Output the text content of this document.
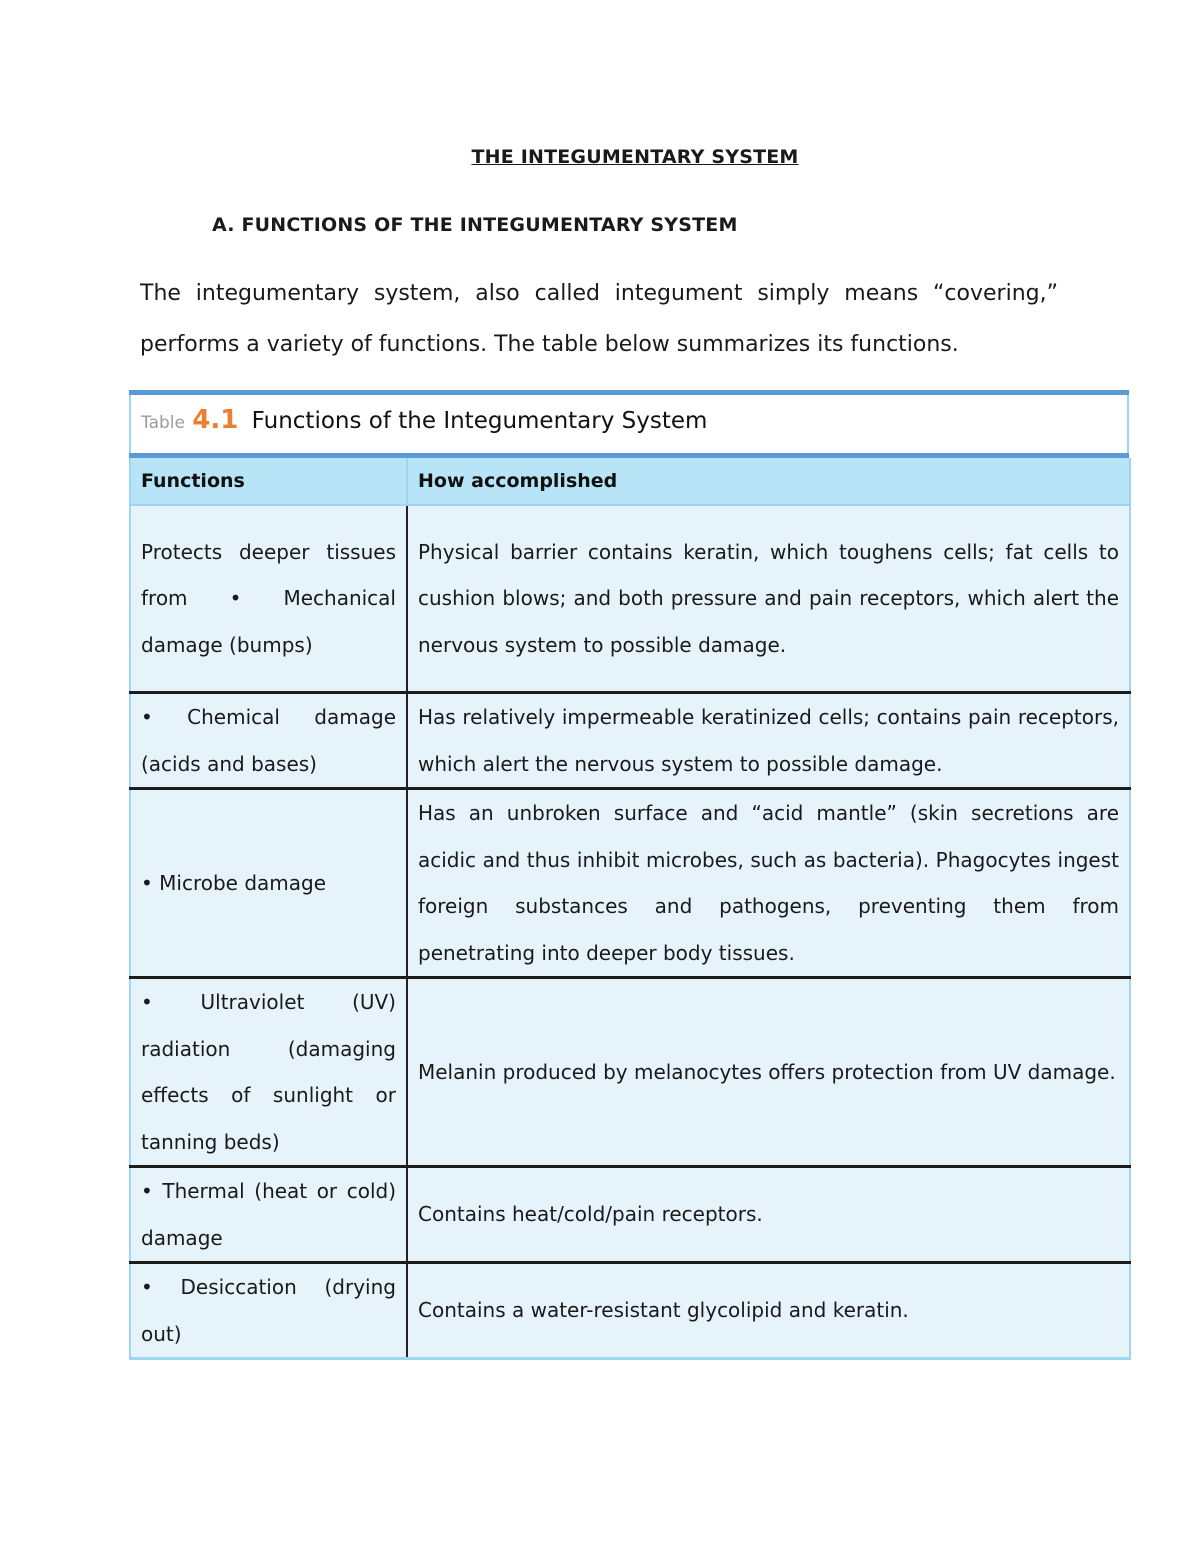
THE INTEGUMENTARY SYSTEM
A. FUNCTIONS OF THE INTEGUMENTARY SYSTEM
The integumentary system, also called integument simply means “covering,” performs a variety of functions. The table below summarizes its functions.
Table 4.1 Functions of the Integumentary System
Functions	How accomplished
Protects deeper tissues from • Mechanical damage (bumps)	Physical barrier contains keratin, which toughens cells; fat cells to cushion blows; and both pressure and pain receptors, which alert the nervous system to possible damage.
• Chemical damage (acids and bases)	Has relatively impermeable keratinized cells; contains pain receptors, which alert the nervous system to possible damage.
• Microbe damage	Has an unbroken surface and “acid mantle” (skin secretions are acidic and thus inhibit microbes, such as bacteria). Phagocytes ingest foreign substances and pathogens, preventing them from penetrating into deeper body tissues.
• Ultraviolet (UV) radiation (damaging effects of sunlight or tanning beds)	Melanin produced by melanocytes offers protection from UV damage.
• Thermal (heat or cold) damage	Contains heat/cold/pain receptors.
• Desiccation (drying out)	Contains a water-resistant glycolipid and keratin.
